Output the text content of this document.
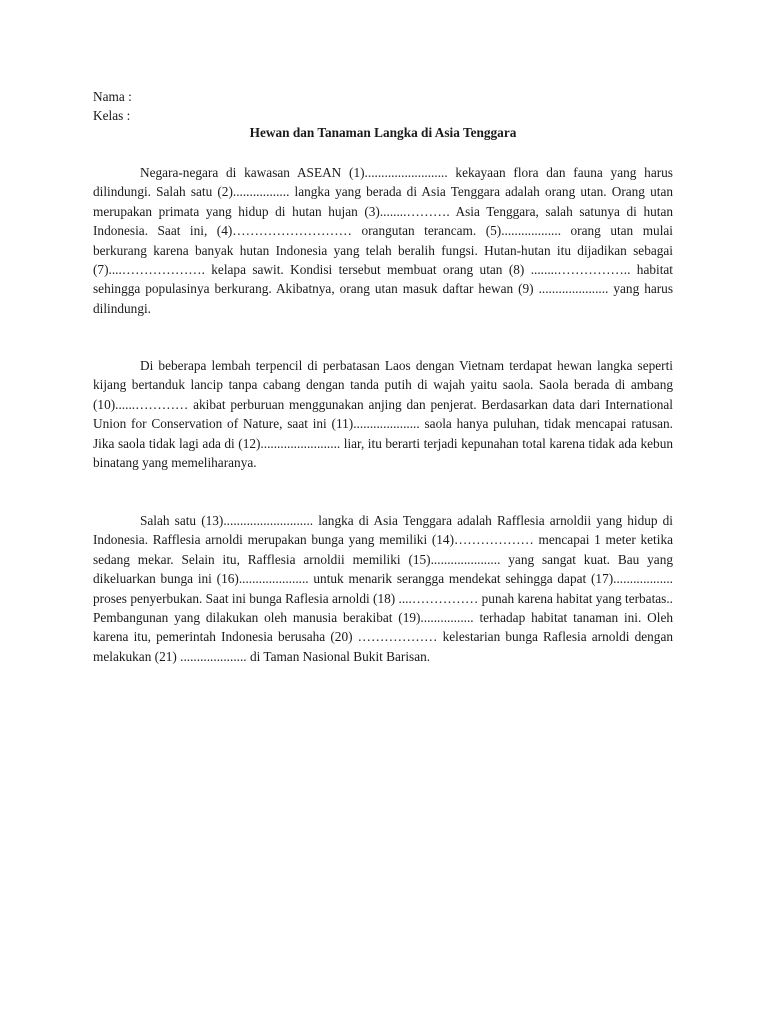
Nama :
Kelas :
Hewan dan Tanaman Langka di Asia Tenggara

Negara-negara di kawasan ASEAN (1)......................... kekayaan flora dan fauna yang harus dilindungi. Salah satu (2)................. langka yang berada di Asia Tenggara adalah orang utan. Orang utan merupakan primata yang hidup di hutan hujan (3)........………. Asia Tenggara, salah satunya di hutan Indonesia. Saat ini, (4)……………………… orangutan terancam. (5).................. orang utan mulai berkurang karena banyak hutan Indonesia yang telah beralih fungsi. Hutan-hutan itu dijadikan sebagai (7)....………………. kelapa sawit. Kondisi tersebut membuat orang utan (8) ........…………….. habitat sehingga populasinya berkurang. Akibatnya, orang utan masuk daftar hewan (9) ..................... yang harus dilindungi.

Di beberapa lembah terpencil di perbatasan Laos dengan Vietnam terdapat hewan langka seperti kijang bertanduk lancip tanpa cabang dengan tanda putih di wajah yaitu saola. Saola berada di ambang (10)......………… akibat perburuan menggunakan anjing dan penjerat. Berdasarkan data dari International Union for Conservation of Nature, saat ini (11).................... saola hanya puluhan, tidak mencapai ratusan. Jika saola tidak lagi ada di (12)........................ liar, itu berarti terjadi kepunahan total karena tidak ada kebun binatang yang memeliharanya.

Salah satu (13)........................... langka di Asia Tenggara adalah Rafflesia arnoldii yang hidup di Indonesia. Rafflesia arnoldi merupakan bunga yang memiliki (14)……………… mencapai 1 meter ketika sedang mekar. Selain itu, Rafflesia arnoldii memiliki (15)..................... yang sangat kuat. Bau yang dikeluarkan bunga ini (16)..................... untuk menarik serangga mendekat sehingga dapat (17).................. proses penyerbukan. Saat ini bunga Raflesia arnoldi (18) ....…………… punah karena habitat yang terbatas.. Pembangunan yang dilakukan oleh manusia berakibat (19)................ terhadap habitat tanaman ini. Oleh karena itu, pemerintah Indonesia berusaha (20) ……………… kelestarian bunga Raflesia arnoldi dengan melakukan (21) .................... di Taman Nasional Bukit Barisan.
